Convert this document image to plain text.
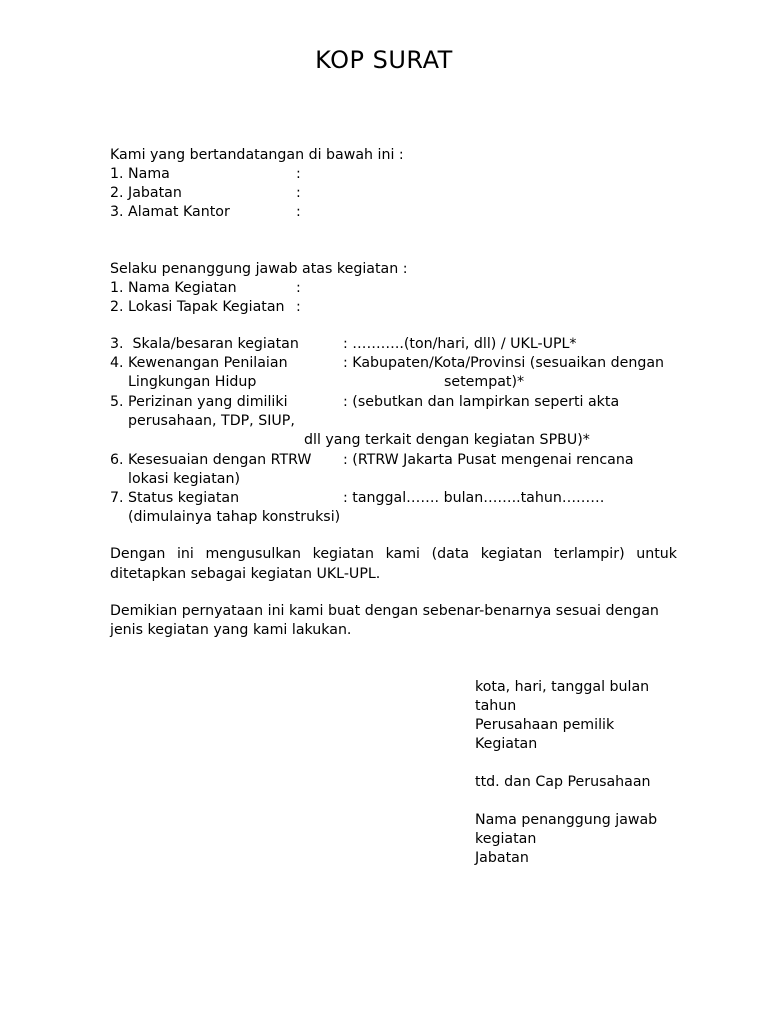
KOP SURAT
Kami yang bertandatangan di bawah ini :
1. Nama	:
2. Jabatan	:
3. Alamat Kantor	:
Selaku penanggung jawab atas kegiatan :
1. Nama Kegiatan	:
2. Lokasi Tapak Kegiatan :
3.  Skala/besaran kegiatan	: ………..(ton/hari, dll) / UKL-UPL*
4. Kewenangan Penilaian	: Kabupaten/Kota/Provinsi (sesuaikan dengan
Lingkungan Hidup	setempat)*
5. Perizinan yang dimiliki	: (sebutkan dan lampirkan seperti akta
perusahaan, TDP, SIUP,
dll yang terkait dengan kegiatan SPBU)*
6. Kesesuaian dengan RTRW : (RTRW Jakarta Pusat mengenai rencana
lokasi kegiatan)
7. Status kegiatan	: tanggal……. bulan……..tahun………
(dimulainya tahap konstruksi)
Dengan ini mengusulkan kegiatan kami (data kegiatan terlampir) untuk
ditetapkan sebagai kegiatan UKL-UPL.
Demikian pernyataan ini kami buat dengan sebenar-benarnya sesuai dengan
jenis kegiatan yang kami lakukan.
kota, hari, tanggal bulan
tahun
Perusahaan pemilik
Kegiatan
ttd. dan Cap Perusahaan
Nama penanggung jawab
kegiatan
Jabatan
